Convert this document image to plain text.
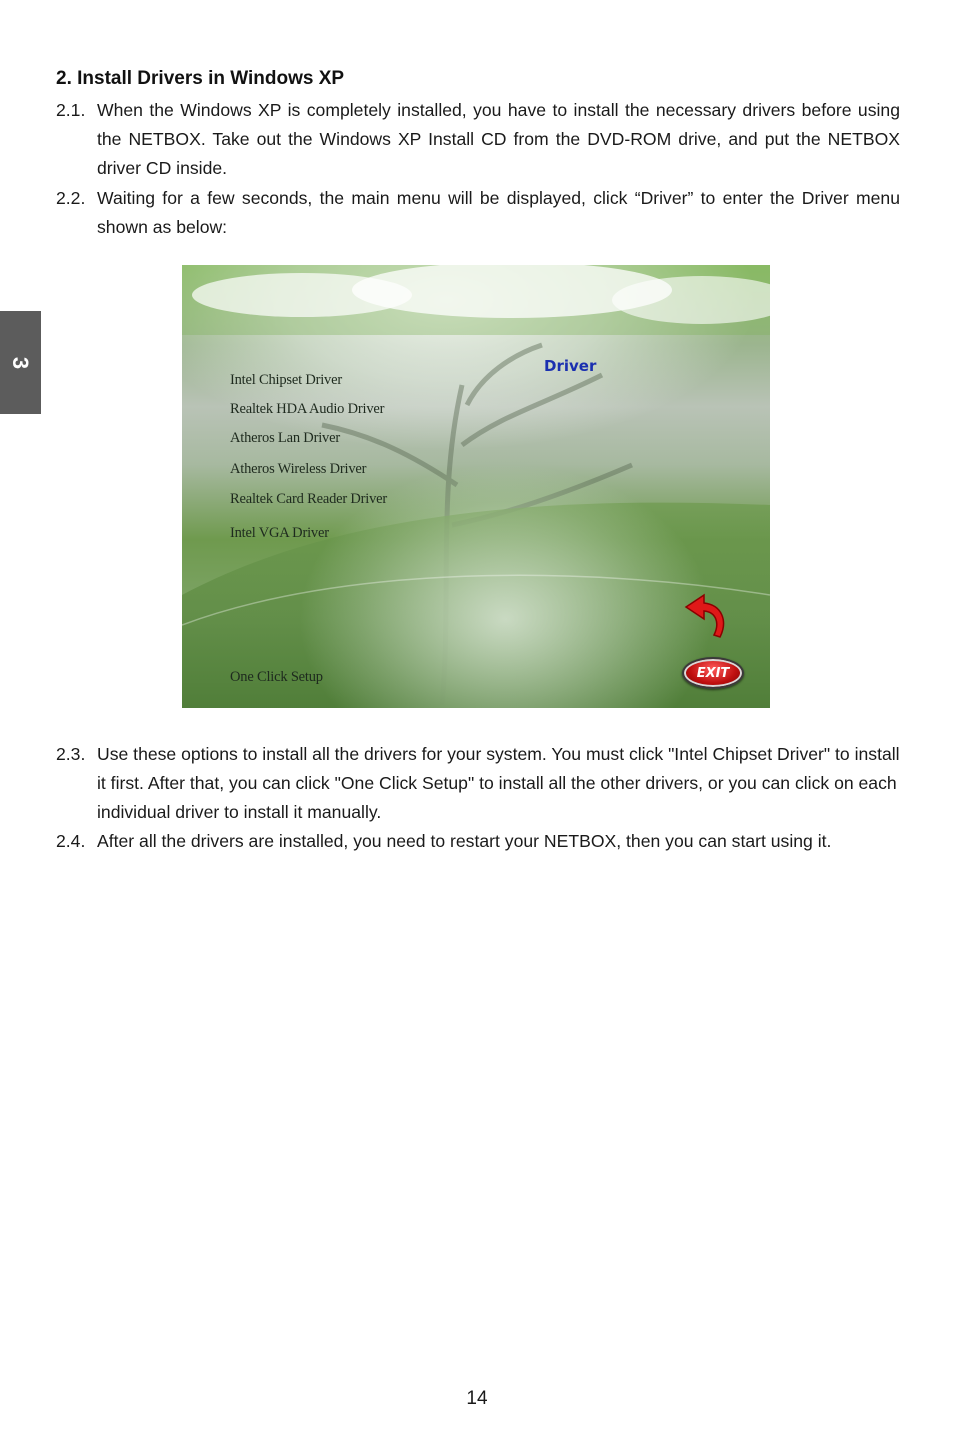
3
2. Install Drivers in Windows XP
2.1. When the Windows XP is completely installed, you have to install the necessary drivers before using the NETBOX. Take out the Windows XP Install CD from the DVD-ROM drive, and put the NETBOX driver CD inside.
2.2. Waiting for a few seconds, the main menu will be displayed, click “Driver” to enter the Driver menu shown as below:
Driver
Intel Chipset Driver
Realtek HDA Audio Driver
Atheros Lan Driver
Atheros Wireless Driver
Realtek Card Reader Driver
Intel VGA Driver
One Click Setup	EXIT
2.3. Use these options to install all the drivers for your system. You must click "Intel Chipset Driver" to install it first. After that, you can click "One Click Setup" to install all the other drivers, or you can click on each individual driver to install it manually.
2.4. After all the drivers are installed, you need to restart your NETBOX, then you can start using it.
14
